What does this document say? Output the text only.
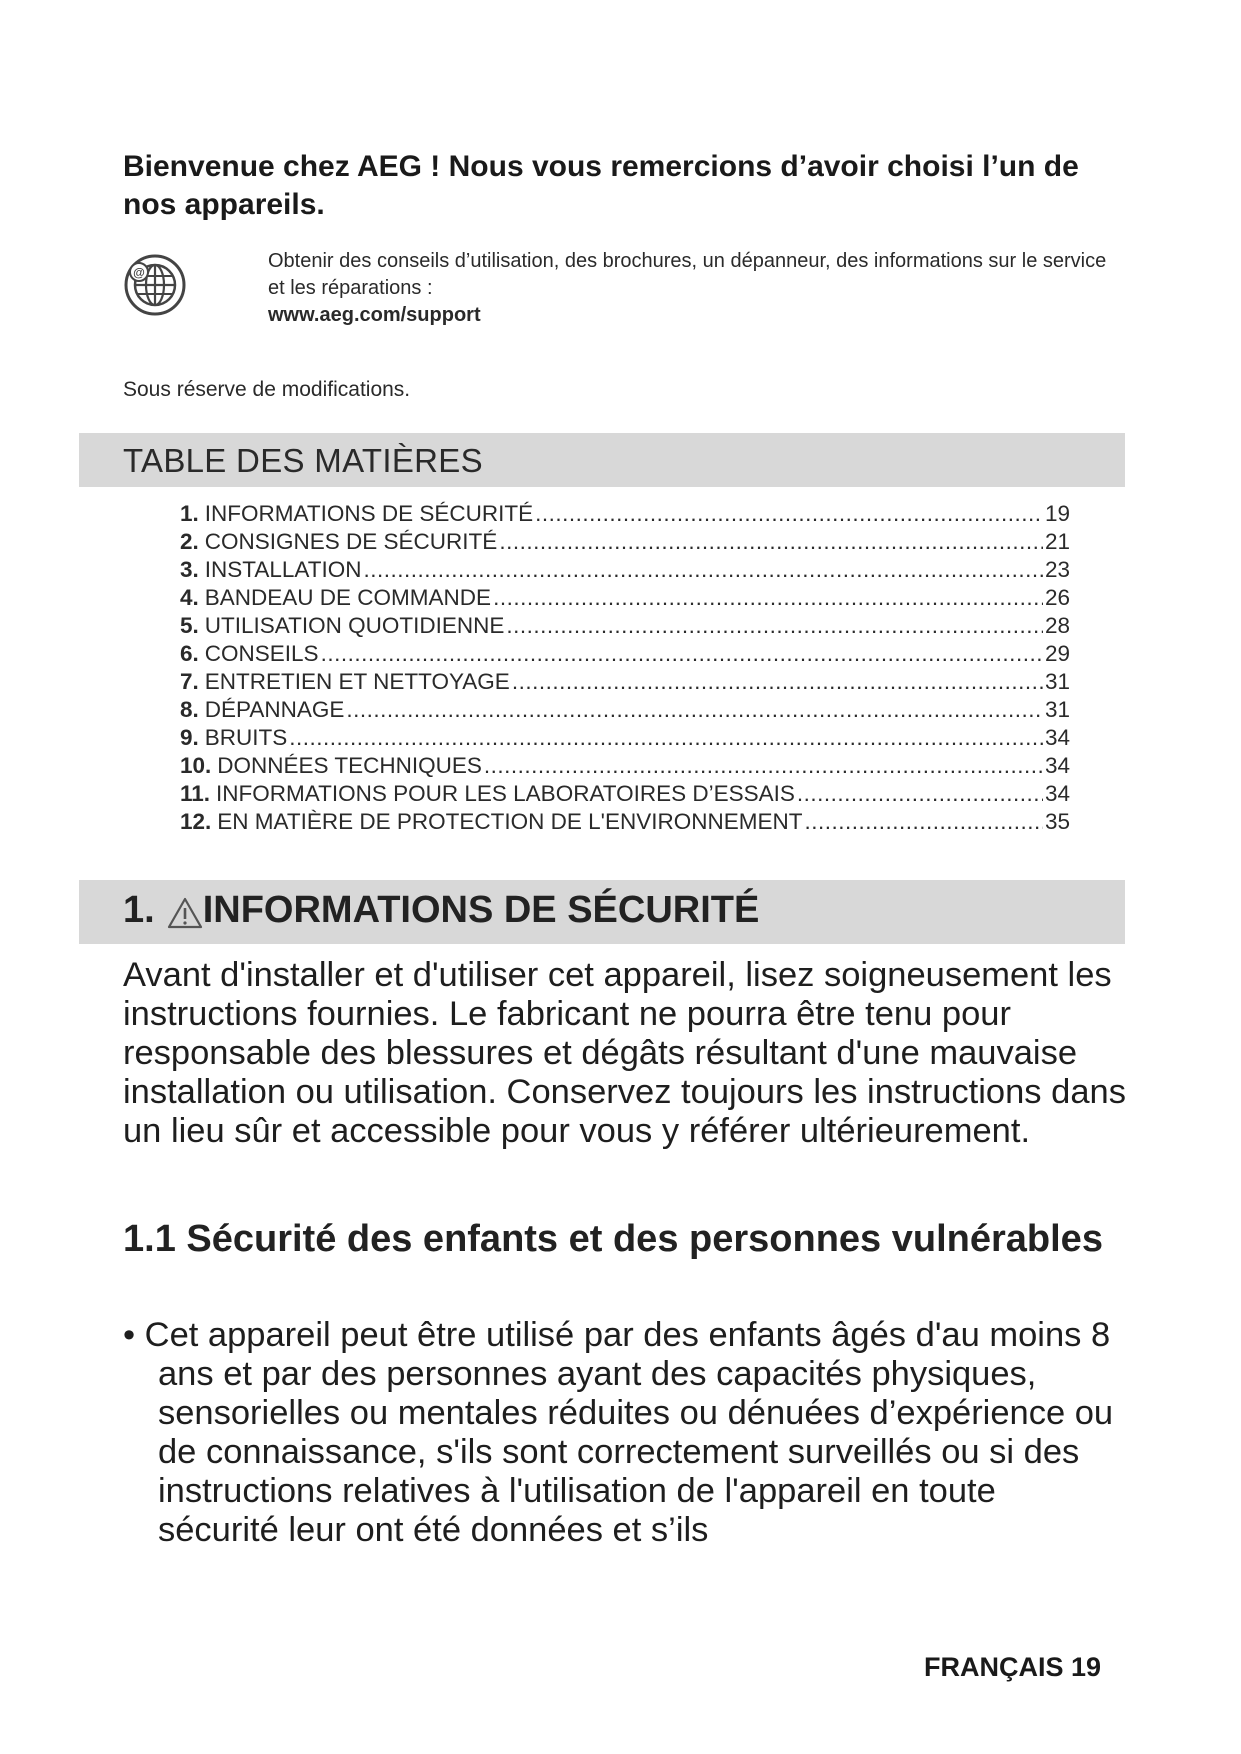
Bienvenue chez AEG ! Nous vous remercions d’avoir choisi l’un de nos appareils.
@
Obtenir des conseils d’utilisation, des brochures, un dépanneur, des informations sur le service et les réparations :
www.aeg.com/support
Sous réserve de modifications.
TABLE DES MATIÈRES
1. INFORMATIONS DE SÉCURITÉ .....	19
2. CONSIGNES DE SÉCURITÉ .....	21
3. INSTALLATION .....	23
4. BANDEAU DE COMMANDE .....	26
5. UTILISATION QUOTIDIENNE .....	28
6. CONSEILS .....	29
7. ENTRETIEN ET NETTOYAGE .....	31
8. DÉPANNAGE .....	31
9. BRUITS .....	34
10. DONNÉES TECHNIQUES .....	34
11. INFORMATIONS POUR LES LABORATOIRES D’ESSAIS .....	34
12. EN MATIÈRE DE PROTECTION DE L'ENVIRONNEMENT .....	35
1. INFORMATIONS DE SÉCURITÉ
Avant d'installer et d'utiliser cet appareil, lisez soigneusement les instructions fournies. Le fabricant ne pourra être tenu pour responsable des blessures et dégâts résultant d'une mauvaise installation ou utilisation. Conservez toujours les instructions dans un lieu sûr et accessible pour vous y référer ultérieurement.
1.1 Sécurité des enfants et des personnes vulnérables
• Cet appareil peut être utilisé par des enfants âgés d'au moins 8 ans et par des personnes ayant des capacités physiques, sensorielles ou mentales réduites ou dénuées d’expérience ou de connaissance, s'ils sont correctement surveillés ou si des instructions relatives à l'utilisation de l'appareil en toute sécurité leur ont été données et s’ils
FRANÇAIS 19
